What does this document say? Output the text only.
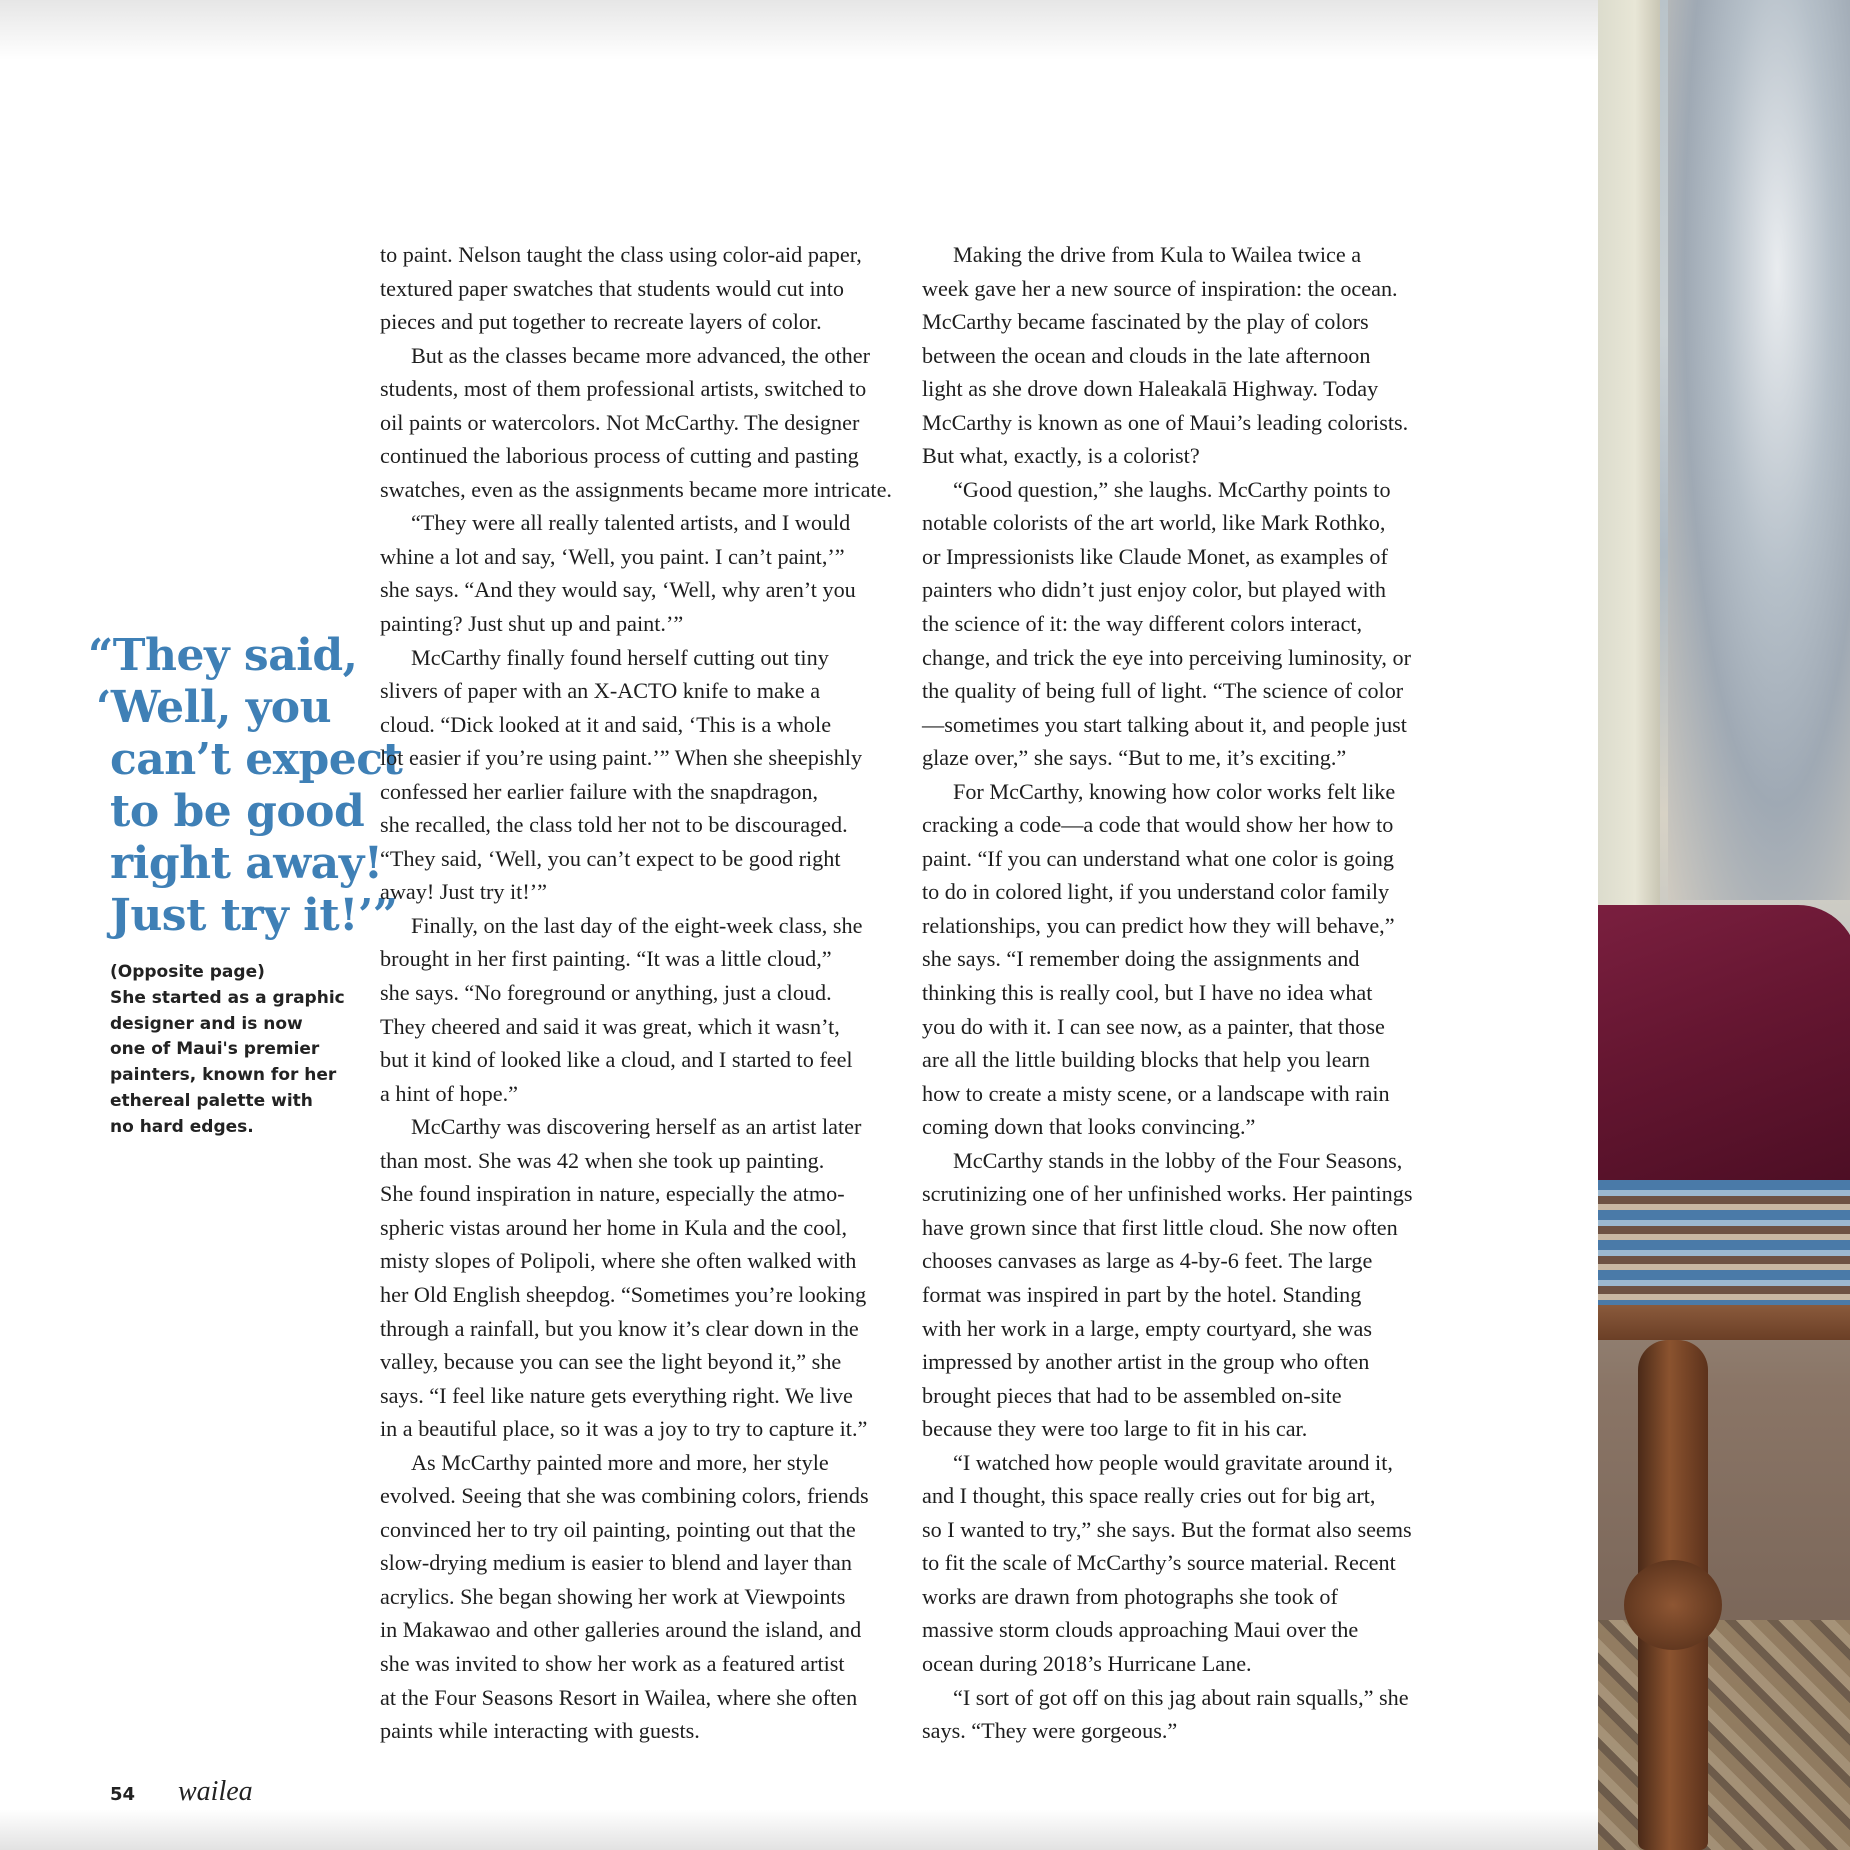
“They said,
‘Well, you
can’t expect
to be good
right away!
Just try it!’”
(Opposite page)
She started as a graphic
designer and is now
one of Maui's premier
painters, known for her
ethereal palette with
no hard edges.
to paint. Nelson taught the class using color-aid paper,
textured paper swatches that students would cut into
pieces and put together to recreate layers of color.
But as the classes became more advanced, the other
students, most of them professional artists, switched to
oil paints or watercolors. Not McCarthy. The designer
continued the laborious process of cutting and pasting
swatches, even as the assignments became more intricate.
“They were all really talented artists, and I would
whine a lot and say, ‘Well, you paint. I can’t paint,’”
she says. “And they would say, ‘Well, why aren’t you
painting? Just shut up and paint.’”
McCarthy finally found herself cutting out tiny
slivers of paper with an X-ACTO knife to make a
cloud. “Dick looked at it and said, ‘This is a whole
lot easier if you’re using paint.’” When she sheepishly
confessed her earlier failure with the snapdragon,
she recalled, the class told her not to be discouraged.
“They said, ‘Well, you can’t expect to be good right
away! Just try it!’”
Finally, on the last day of the eight-week class, she
brought in her first painting. “It was a little cloud,”
she says. “No foreground or anything, just a cloud.
They cheered and said it was great, which it wasn’t,
but it kind of looked like a cloud, and I started to feel
a hint of hope.”
McCarthy was discovering herself as an artist later
than most. She was 42 when she took up painting.
She found inspiration in nature, especially the atmo-
spheric vistas around her home in Kula and the cool,
misty slopes of Polipoli, where she often walked with
her Old English sheepdog. “Sometimes you’re looking
through a rainfall, but you know it’s clear down in the
valley, because you can see the light beyond it,” she
says. “I feel like nature gets everything right. We live
in a beautiful place, so it was a joy to try to capture it.”
As McCarthy painted more and more, her style
evolved. Seeing that she was combining colors, friends
convinced her to try oil painting, pointing out that the
slow-drying medium is easier to blend and layer than
acrylics. She began showing her work at Viewpoints
in Makawao and other galleries around the island, and
she was invited to show her work as a featured artist
at the Four Seasons Resort in Wailea, where she often
paints while interacting with guests.
Making the drive from Kula to Wailea twice a
week gave her a new source of inspiration: the ocean.
McCarthy became fascinated by the play of colors
between the ocean and clouds in the late afternoon
light as she drove down Haleakalā Highway. Today
McCarthy is known as one of Maui’s leading colorists.
But what, exactly, is a colorist?
“Good question,” she laughs. McCarthy points to
notable colorists of the art world, like Mark Rothko,
or Impressionists like Claude Monet, as examples of
painters who didn’t just enjoy color, but played with
the science of it: the way different colors interact,
change, and trick the eye into perceiving luminosity, or
the quality of being full of light. “The science of color
—sometimes you start talking about it, and people just
glaze over,” she says. “But to me, it’s exciting.”
For McCarthy, knowing how color works felt like
cracking a code—a code that would show her how to
paint. “If you can understand what one color is going
to do in colored light, if you understand color family
relationships, you can predict how they will behave,”
she says. “I remember doing the assignments and
thinking this is really cool, but I have no idea what
you do with it. I can see now, as a painter, that those
are all the little building blocks that help you learn
how to create a misty scene, or a landscape with rain
coming down that looks convincing.”
McCarthy stands in the lobby of the Four Seasons,
scrutinizing one of her unfinished works. Her paintings
have grown since that first little cloud. She now often
chooses canvases as large as 4-by-6 feet. The large
format was inspired in part by the hotel. Standing
with her work in a large, empty courtyard, she was
impressed by another artist in the group who often
brought pieces that had to be assembled on-site
because they were too large to fit in his car.
“I watched how people would gravitate around it,
and I thought, this space really cries out for big art,
so I wanted to try,” she says. But the format also seems
to fit the scale of McCarthy’s source material. Recent
works are drawn from photographs she took of
massive storm clouds approaching Maui over the
ocean during 2018’s Hurricane Lane.
“I sort of got off on this jag about rain squalls,” she
says. “They were gorgeous.”
54 wailea
